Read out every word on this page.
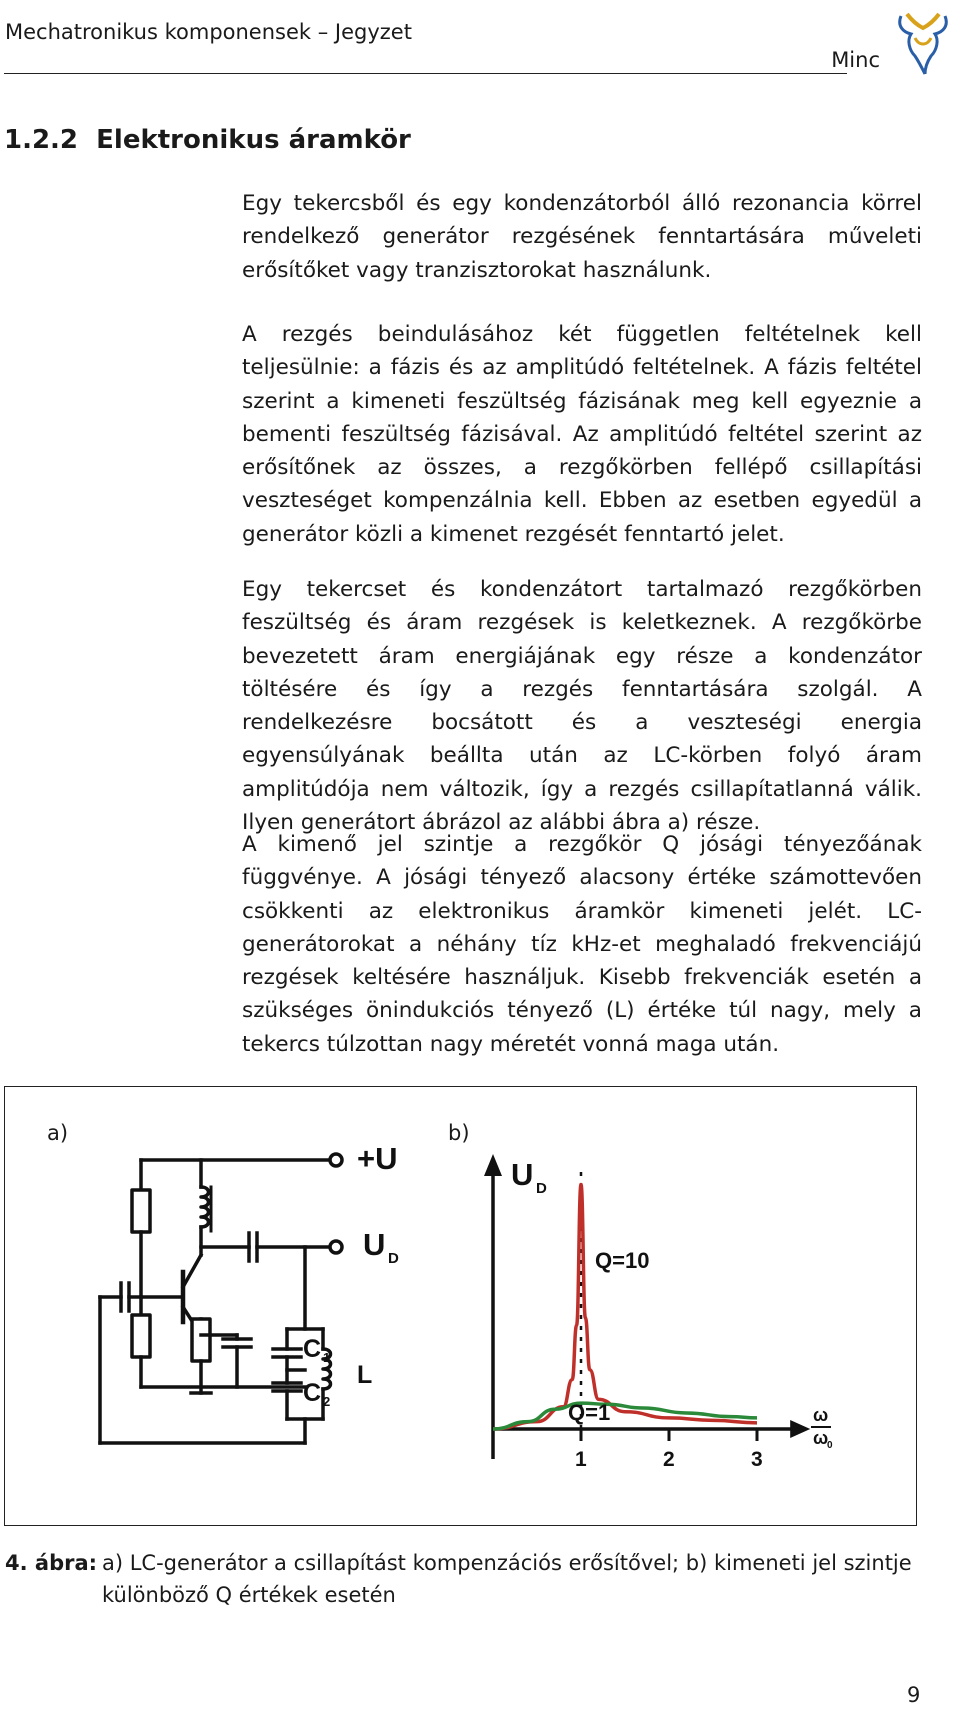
Mechatronikus komponensek – Jegyzet
Minc
1.2.2 Elektronikus áramkör

Egy tekercsből és egy kondenzátorból álló rezonancia körrel rendelkező generátor rezgésének fenntartására műveleti erősítőket vagy tranzisztorokat használunk.

A rezgés beindulásához két független feltételnek kell teljesülnie: a fázis és az amplitúdó feltételnek. A fázis feltétel szerint a kimeneti feszültség fázisának meg kell egyeznie a bementi feszültség fázisával. Az amplitúdó feltétel szerint az erősítőnek az összes, a rezgőkörben fellépő csillapítási veszteséget kompenzálnia kell. Ebben az esetben egyedül a generátor közli a kimenet rezgését fenntartó jelet.

Egy tekercset és kondenzátort tartalmazó rezgőkörben feszültség és áram rezgések is keletkeznek. A rezgőkörbe bevezetett áram energiájának egy része a kondenzátor töltésére és így a rezgés fenntartására szolgál. A rendelkezésre bocsátott és a veszteségi energia egyensúlyának beállta után az LC-körben folyó áram amplitúdója nem változik, így a rezgés csillapítatlanná válik. Ilyen generátort ábrázol az alábbi ábra a) része.

A kimenő jel szintje a rezgőkör Q jósági tényezőának függvénye. A jósági tényező alacsony értéke számottevően csökkenti az elektronikus áramkör kimeneti jelét. LC-generátorokat a néhány tíz kHz-et meghaladó frekvenciájú rezgések keltésére használjuk. Kisebb frekvenciák esetén a szükséges önindukciós tényező (L) értéke túl nagy, mely a tekercs túlzottan nagy méretét vonná maga után.

a)	b)
+U
U D
C 1
C 2
L
1	2	3
U D
Q=10
Q=1	ω
ω
0
4. ábra: a) LC-generátor a csillapítást kompenzációs erősítővel; b) kimeneti jel szintje különböző Q értékek esetén
9
